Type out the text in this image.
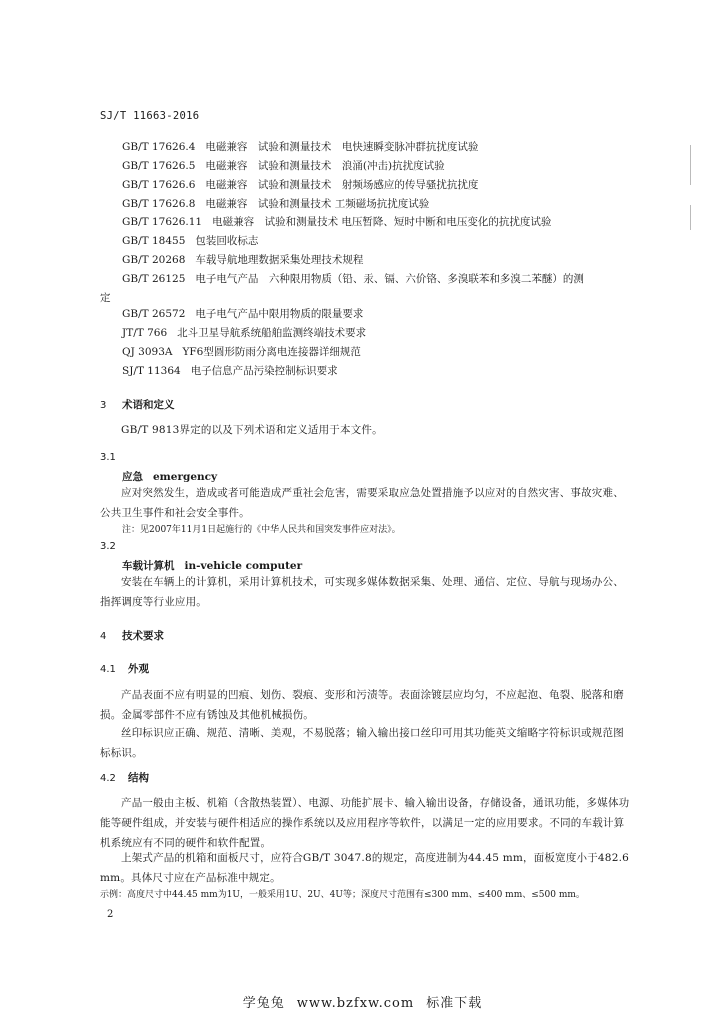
SJ/T 11663-2016
GB/T 17626.4 电磁兼容　试验和测量技术　电快速瞬变脉冲群抗扰度试验
GB/T 17626.5 电磁兼容　试验和测量技术　浪涌(冲击)抗扰度试验
GB/T 17626.6 电磁兼容　试验和测量技术　射频场感应的传导骚扰抗扰度
GB/T 17626.8 电磁兼容　试验和测量技术 工频磁场抗扰度试验
GB/T 17626.11 电磁兼容　试验和测量技术 电压暂降、短时中断和电压变化的抗扰度试验
GB/T 18455 包装回收标志
GB/T 20268 车载导航地理数据采集处理技术规程
GB/T 26125 电子电气产品　六种限用物质（铅、汞、镉、六价铬、多溴联苯和多溴二苯醚）的测
定
GB/T 26572 电子电气产品中限用物质的限量要求
JT/T 766 北斗卫星导航系统船舶监测终端技术要求
QJ 3093A YF6型圆形防雨分离电连接器详细规范
SJ/T 11364 电子信息产品污染控制标识要求
3 术语和定义
GB/T 9813界定的以及下列术语和定义适用于本文件。
3.1
应急 emergency
应对突然发生，造成或者可能造成严重社会危害，需要采取应急处置措施予以应对的自然灾害、事故灾难、公共卫生事件和社会安全事件。
注：见2007年11月1日起施行的《中华人民共和国突发事件应对法》。
3.2
车载计算机 in-vehicle computer
安装在车辆上的计算机，采用计算机技术，可实现多媒体数据采集、处理、通信、定位、导航与现场办公、指挥调度等行业应用。
4 技术要求
4.1 外观
产品表面不应有明显的凹痕、划伤、裂痕、变形和污渍等。表面涂镀层应均匀，不应起泡、龟裂、脱落和磨损。金属零部件不应有锈蚀及其他机械损伤。
丝印标识应正确、规范、清晰、美观，不易脱落；输入输出接口丝印可用其功能英文缩略字符标识或规范图标标识。
4.2 结构
产品一般由主板、机箱（含散热装置）、电源、功能扩展卡、输入输出设备，存储设备，通讯功能，多媒体功能等硬件组成，并安装与硬件相适应的操作系统以及应用程序等软件，以满足一定的应用要求。不同的车载计算机系统应有不同的硬件和软件配置。
上架式产品的机箱和面板尺寸，应符合GB/T 3047.8的规定，高度进制为44.45 mm，面板宽度小于482.6 mm。具体尺寸应在产品标准中规定。
示例：高度尺寸中44.45 mm为1U，一般采用1U、2U、4U等；深度尺寸范围有≤300 mm、≤400 mm、≤500 mm。
2
学兔兔 www.bzfxw.com 标准下载
